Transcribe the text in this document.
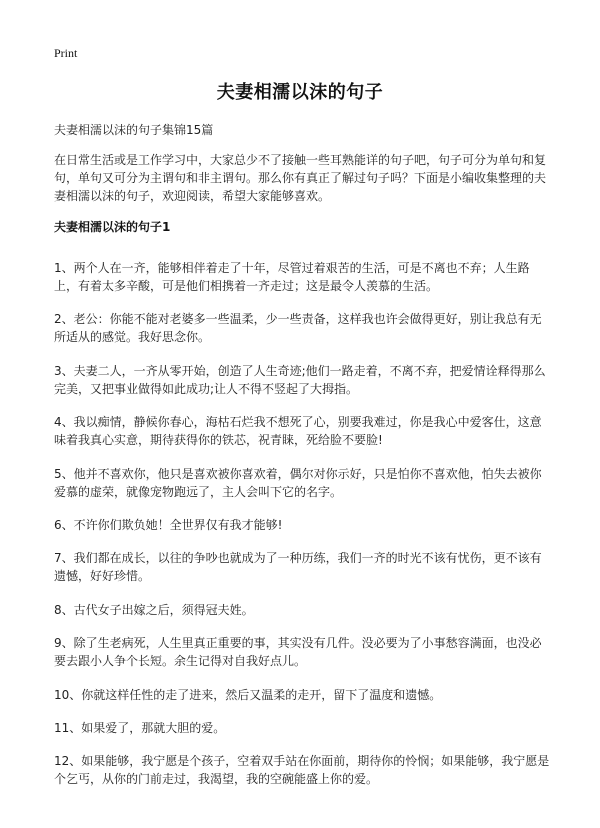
Print
夫妻相濡以沫的句子
夫妻相濡以沫的句子集锦15篇
在日常生活或是工作学习中，大家总少不了接触一些耳熟能详的句子吧，句子可分为单句和复句，单句又可分为主谓句和非主谓句。那么你有真正了解过句子吗？下面是小编收集整理的夫妻相濡以沫的句子，欢迎阅读，希望大家能够喜欢。
夫妻相濡以沫的句子1
1、两个人在一齐，能够相伴着走了十年，尽管过着艰苦的生活，可是不离也不弃；人生路上，有着太多辛酸，可是他们相携着一齐走过；这是最令人羡慕的生活。
2、老公：你能不能对老婆多一些温柔，少一些责备，这样我也许会做得更好，别让我总有无所适从的感觉。我好思念你。
3、夫妻二人，一齐从零开始，创造了人生奇迹;他们一路走着，不离不弃，把爱情诠释得那么完美，又把事业做得如此成功;让人不得不竖起了大拇指。
4、我以痴情，静候你春心，海枯石烂我不想死了心，别要我难过，你是我心中爱客仕，这意味着我真心实意，期待获得你的铁芯，祝青睐，死给脸不要脸!
5、他并不喜欢你，他只是喜欢被你喜欢着，偶尔对你示好，只是怕你不喜欢他，怕失去被你爱慕的虚荣，就像宠物跑远了，主人会叫下它的名字。
6、不许你们欺负她！全世界仅有我才能够!
7、我们都在成长，以往的争吵也就成为了一种历练，我们一齐的时光不该有忧伤，更不该有遗憾，好好珍惜。
8、古代女子出嫁之后，须得冠夫姓。
9、除了生老病死，人生里真正重要的事，其实没有几件。没必要为了小事愁容满面，也没必要去跟小人争个长短。余生记得对自我好点儿。
10、你就这样任性的走了进来，然后又温柔的走开，留下了温度和遗憾。
11、如果爱了，那就大胆的爱。
12、如果能够，我宁愿是个孩子，空着双手站在你面前，期待你的怜悯；如果能够，我宁愿是个乞丐，从你的门前走过，我渴望，我的空碗能盛上你的爱。
